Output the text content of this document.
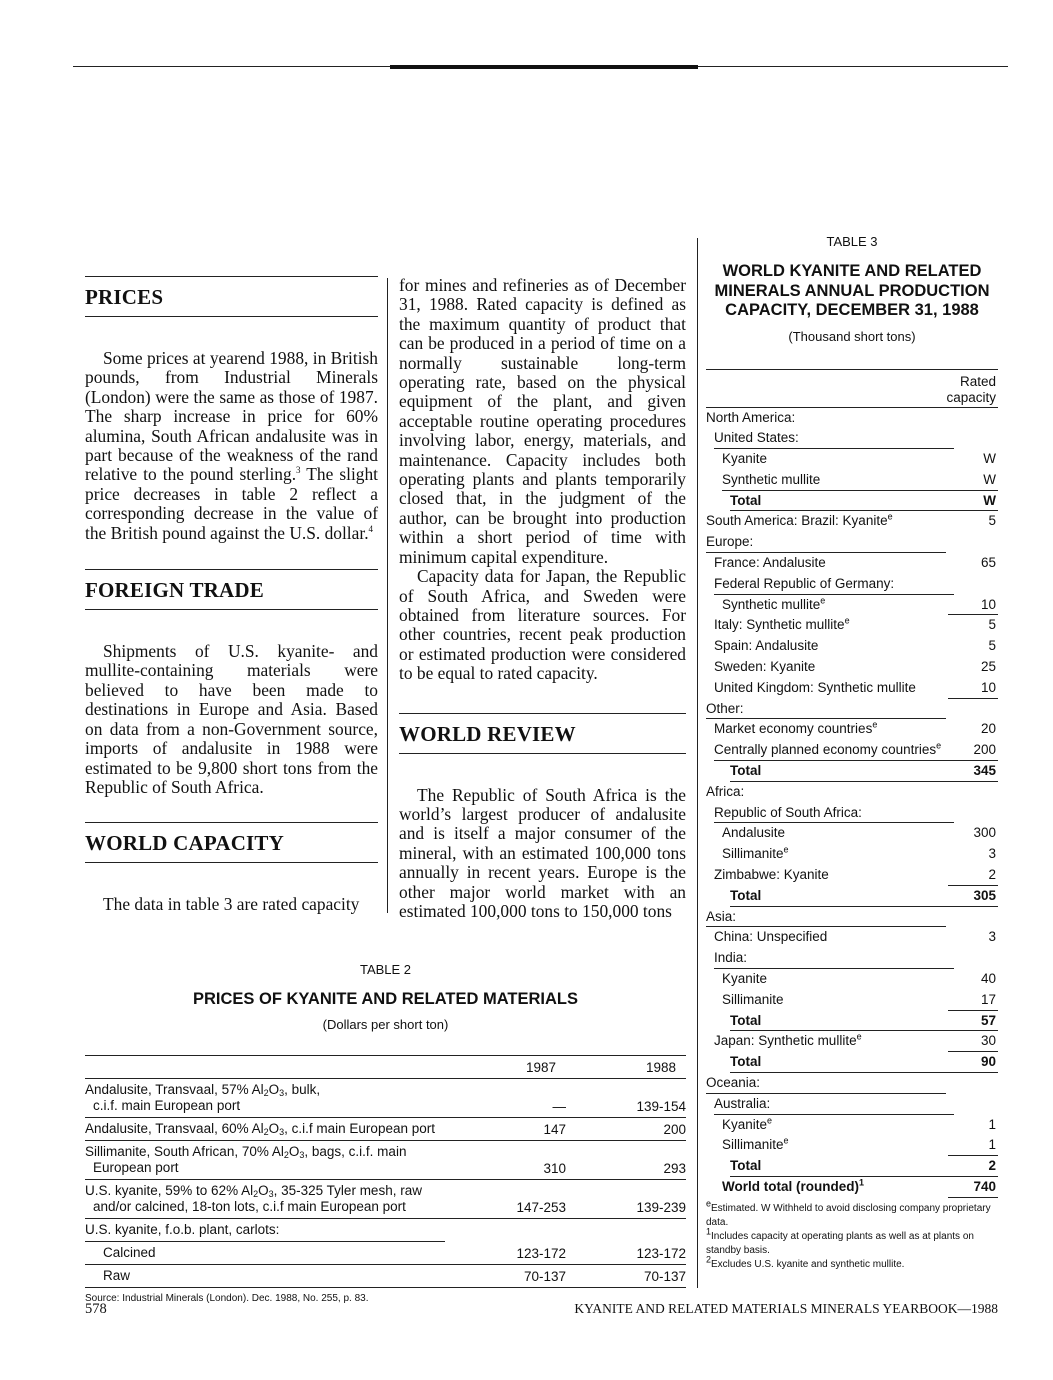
PRICES

Some prices at yearend 1988, in British pounds, from Industrial Minerals (London) were the same as those of 1987. The sharp increase in price for 60% alumina, South African andalusite was in part because of the weakness of the rand relative to the pound sterling.$^3$ The slight price decreases in table 2 reflect a corresponding decrease in the value of the British pound against the U.S. dollar.$^4$

FOREIGN TRADE

Shipments of U.S. kyanite- and mullite-containing materials were believed to have been made to destinations in Europe and Asia. Based on data from a non-Government source, imports of andalusite in 1988 were estimated to be 9,800 short tons from the Republic of South Africa.

WORLD CAPACITY

The data in table 3 are rated capacity

for mines and refineries as of December 31, 1988. Rated capacity is defined as the maximum quantity of product that can be produced in a period of time on a normally sustainable long-term operating rate, based on the physical equipment of the plant, and given acceptable routine operating procedures involving labor, energy, materials, and maintenance. Capacity includes both operating plants and plants temporarily closed that, in the judgment of the author, can be brought into production within a short period of time with minimum capital expenditure.

Capacity data for Japan, the Republic of South Africa, and Sweden were obtained from literature sources. For other countries, recent peak production or estimated production were considered to be equal to rated capacity.

WORLD REVIEW

The Republic of South Africa is the world’s largest producer of andalusite and is itself a major consumer of the mineral, with an estimated 100,000 tons annually in recent years. Europe is the other major world market with an estimated 100,000 tons to 150,000 tons

TABLE 3
WORLD KYANITE AND RELATED
MINERALS ANNUAL PRODUCTION
CAPACITY, DECEMBER 31, 1988
(Thousand short tons)
Rated
capacity
North America:
United States:
Kyanite	W
Synthetic mullite	W
Total	W
South America: Brazil: Kyanite$^e$	5
Europe:
France: Andalusite	65
Federal Republic of Germany:
Synthetic mullite$^e$	10
Italy: Synthetic mullite$^e$	5
Spain: Andalusite	5
Sweden: Kyanite	25
United Kingdom: Synthetic mullite	10
Other:
Market economy countries$^e$	20
Centrally planned economy countries$^e$	200
Total	345
Africa:
Republic of South Africa:
Andalusite	300
Sillimanite$^e$	3
Zimbabwe: Kyanite	2
Total	305
Asia:
China: Unspecified	3
India:
Kyanite	40
Sillimanite	17
Total	57
Japan: Synthetic mullite$^e$	30
Total	90
Oceania:
Australia:
Kyanite$^e$	1
Sillimanite$^e$	1
Total	2
World total (rounded)$^1$	740
$^e$Estimated. W Withheld to avoid disclosing company proprietary data.
$^1$Includes capacity at operating plants as well as at plants on standby basis.
$^2$Excludes U.S. kyanite and synthetic mullite.
TABLE 2
PRICES OF KYANITE AND RELATED MATERIALS
(Dollars per short ton)
1987	1988
Andalusite, Transvaal, 57% $Al_2O_3$, bulk,
c.i.f. main European port	—	139-154
Andalusite, Transvaal, 60% $Al_2O_3$, c.i.f main European port	147	200
Sillimanite, South African, 70% $Al_2O_3$, bags, c.i.f. main
European port	310	293
U.S. kyanite, 59% to 62% $Al_2O_3$, 35-325 Tyler mesh, raw
and/or calcined, 18-ton lots, c.i.f main European port	147-253	139-239
U.S. kyanite, f.o.b. plant, carlots:
Calcined	123-172	123-172
Raw	70-137	70-137
Source: Industrial Minerals (London). Dec. 1988, No. 255, p. 83.
578	KYANITE AND RELATED MATERIALS MINERALS YEARBOOK—1988
